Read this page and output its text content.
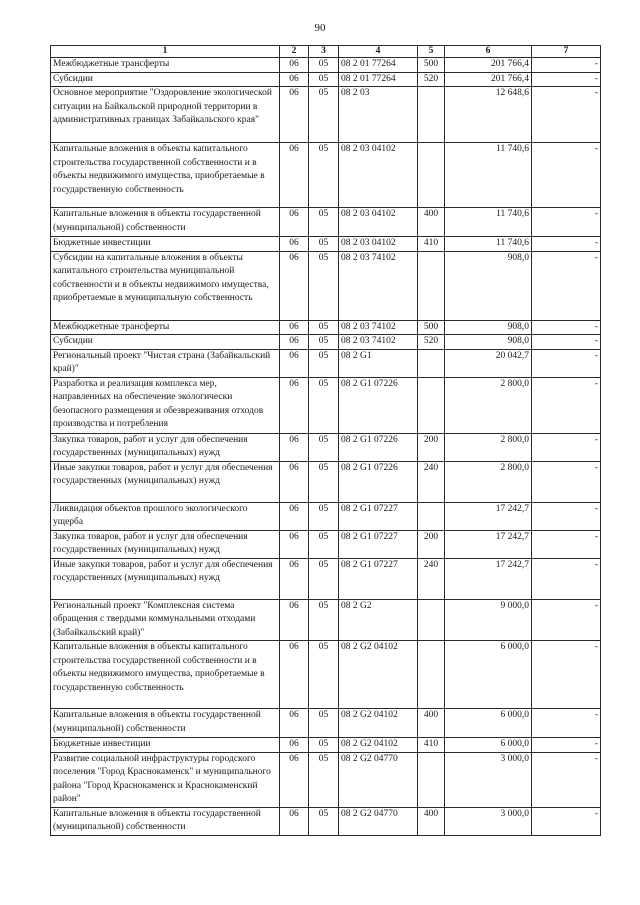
90
1	2	3	4	5	6	7
Межбюджетные трансферты	06	05	08 2 01 77264	500	201 766,4	-
Субсидии	06	05	08 2 01 77264	520	201 766,4	-
Основное мероприятие "Оздоровление экологической ситуации на Байкальской природной территории в административных границах Забайкальского края"	06	05	08 2 03		12 648,6	-
Капитальные вложения в объекты капитального строительства государственной собственности и в объекты недвижимого имущества, приобретаемые в государственную собственность	06	05	08 2 03 04102		11 740,6	-
Капитальные вложения в объекты государственной (муниципальной) собственности	06	05	08 2 03 04102	400	11 740,6	-
Бюджетные инвестиции	06	05	08 2 03 04102	410	11 740,6	-
Субсидии на капитальные вложения в объекты капитального строительства муниципальной собственности и в объекты недвижимого имущества, приобретаемые в муниципальную собственность	06	05	08 2 03 74102		908,0	-
Межбюджетные трансферты	06	05	08 2 03 74102	500	908,0	-
Субсидии	06	05	08 2 03 74102	520	908,0	-
Региональный проект "Чистая страна (Забайкальский край)"	06	05	08 2 G1		20 042,7	-
Разработка и реализация комплекса мер, направленных на обеспечение экологически безопасного размещения и обезвреживания отходов производства и потребления	06	05	08 2 G1 07226		2 800,0	-
Закупка товаров, работ и услуг для обеспечения государственных (муниципальных) нужд	06	05	08 2 G1 07226	200	2 800,0	-
Иные закупки товаров, работ и услуг для обеспечения государственных (муниципальных) нужд	06	05	08 2 G1 07226	240	2 800,0	-
Ликвидация объектов прошлого экологического ущерба	06	05	08 2 G1 07227		17 242,7	-
Закупка товаров, работ и услуг для обеспечения государственных (муниципальных) нужд	06	05	08 2 G1 07227	200	17 242,7	-
Иные закупки товаров, работ и услуг для обеспечения государственных (муниципальных) нужд	06	05	08 2 G1 07227	240	17 242,7	-
Региональный проект "Комплексная система обращения с твердыми коммунальными отходами (Забайкальский край)"	06	05	08 2 G2		9 000,0	-
Капитальные вложения в объекты капитального строительства государственной собственности и в объекты недвижимого имущества, приобретаемые в государственную собственность	06	05	08 2 G2 04102		6 000,0	-
Капитальные вложения в объекты государственной (муниципальной) собственности	06	05	08 2 G2 04102	400	6 000,0	-
Бюджетные инвестиции	06	05	08 2 G2 04102	410	6 000,0	-
Развитие социальной инфраструктуры городского поселения "Город Краснокаменск" и муниципального района "Город Краснокаменск и Краснокаменский район"	06	05	08 2 G2 04770		3 000,0	-
Капитальные вложения в объекты государственной (муниципальной) собственности	06	05	08 2 G2 04770	400	3 000,0	-
